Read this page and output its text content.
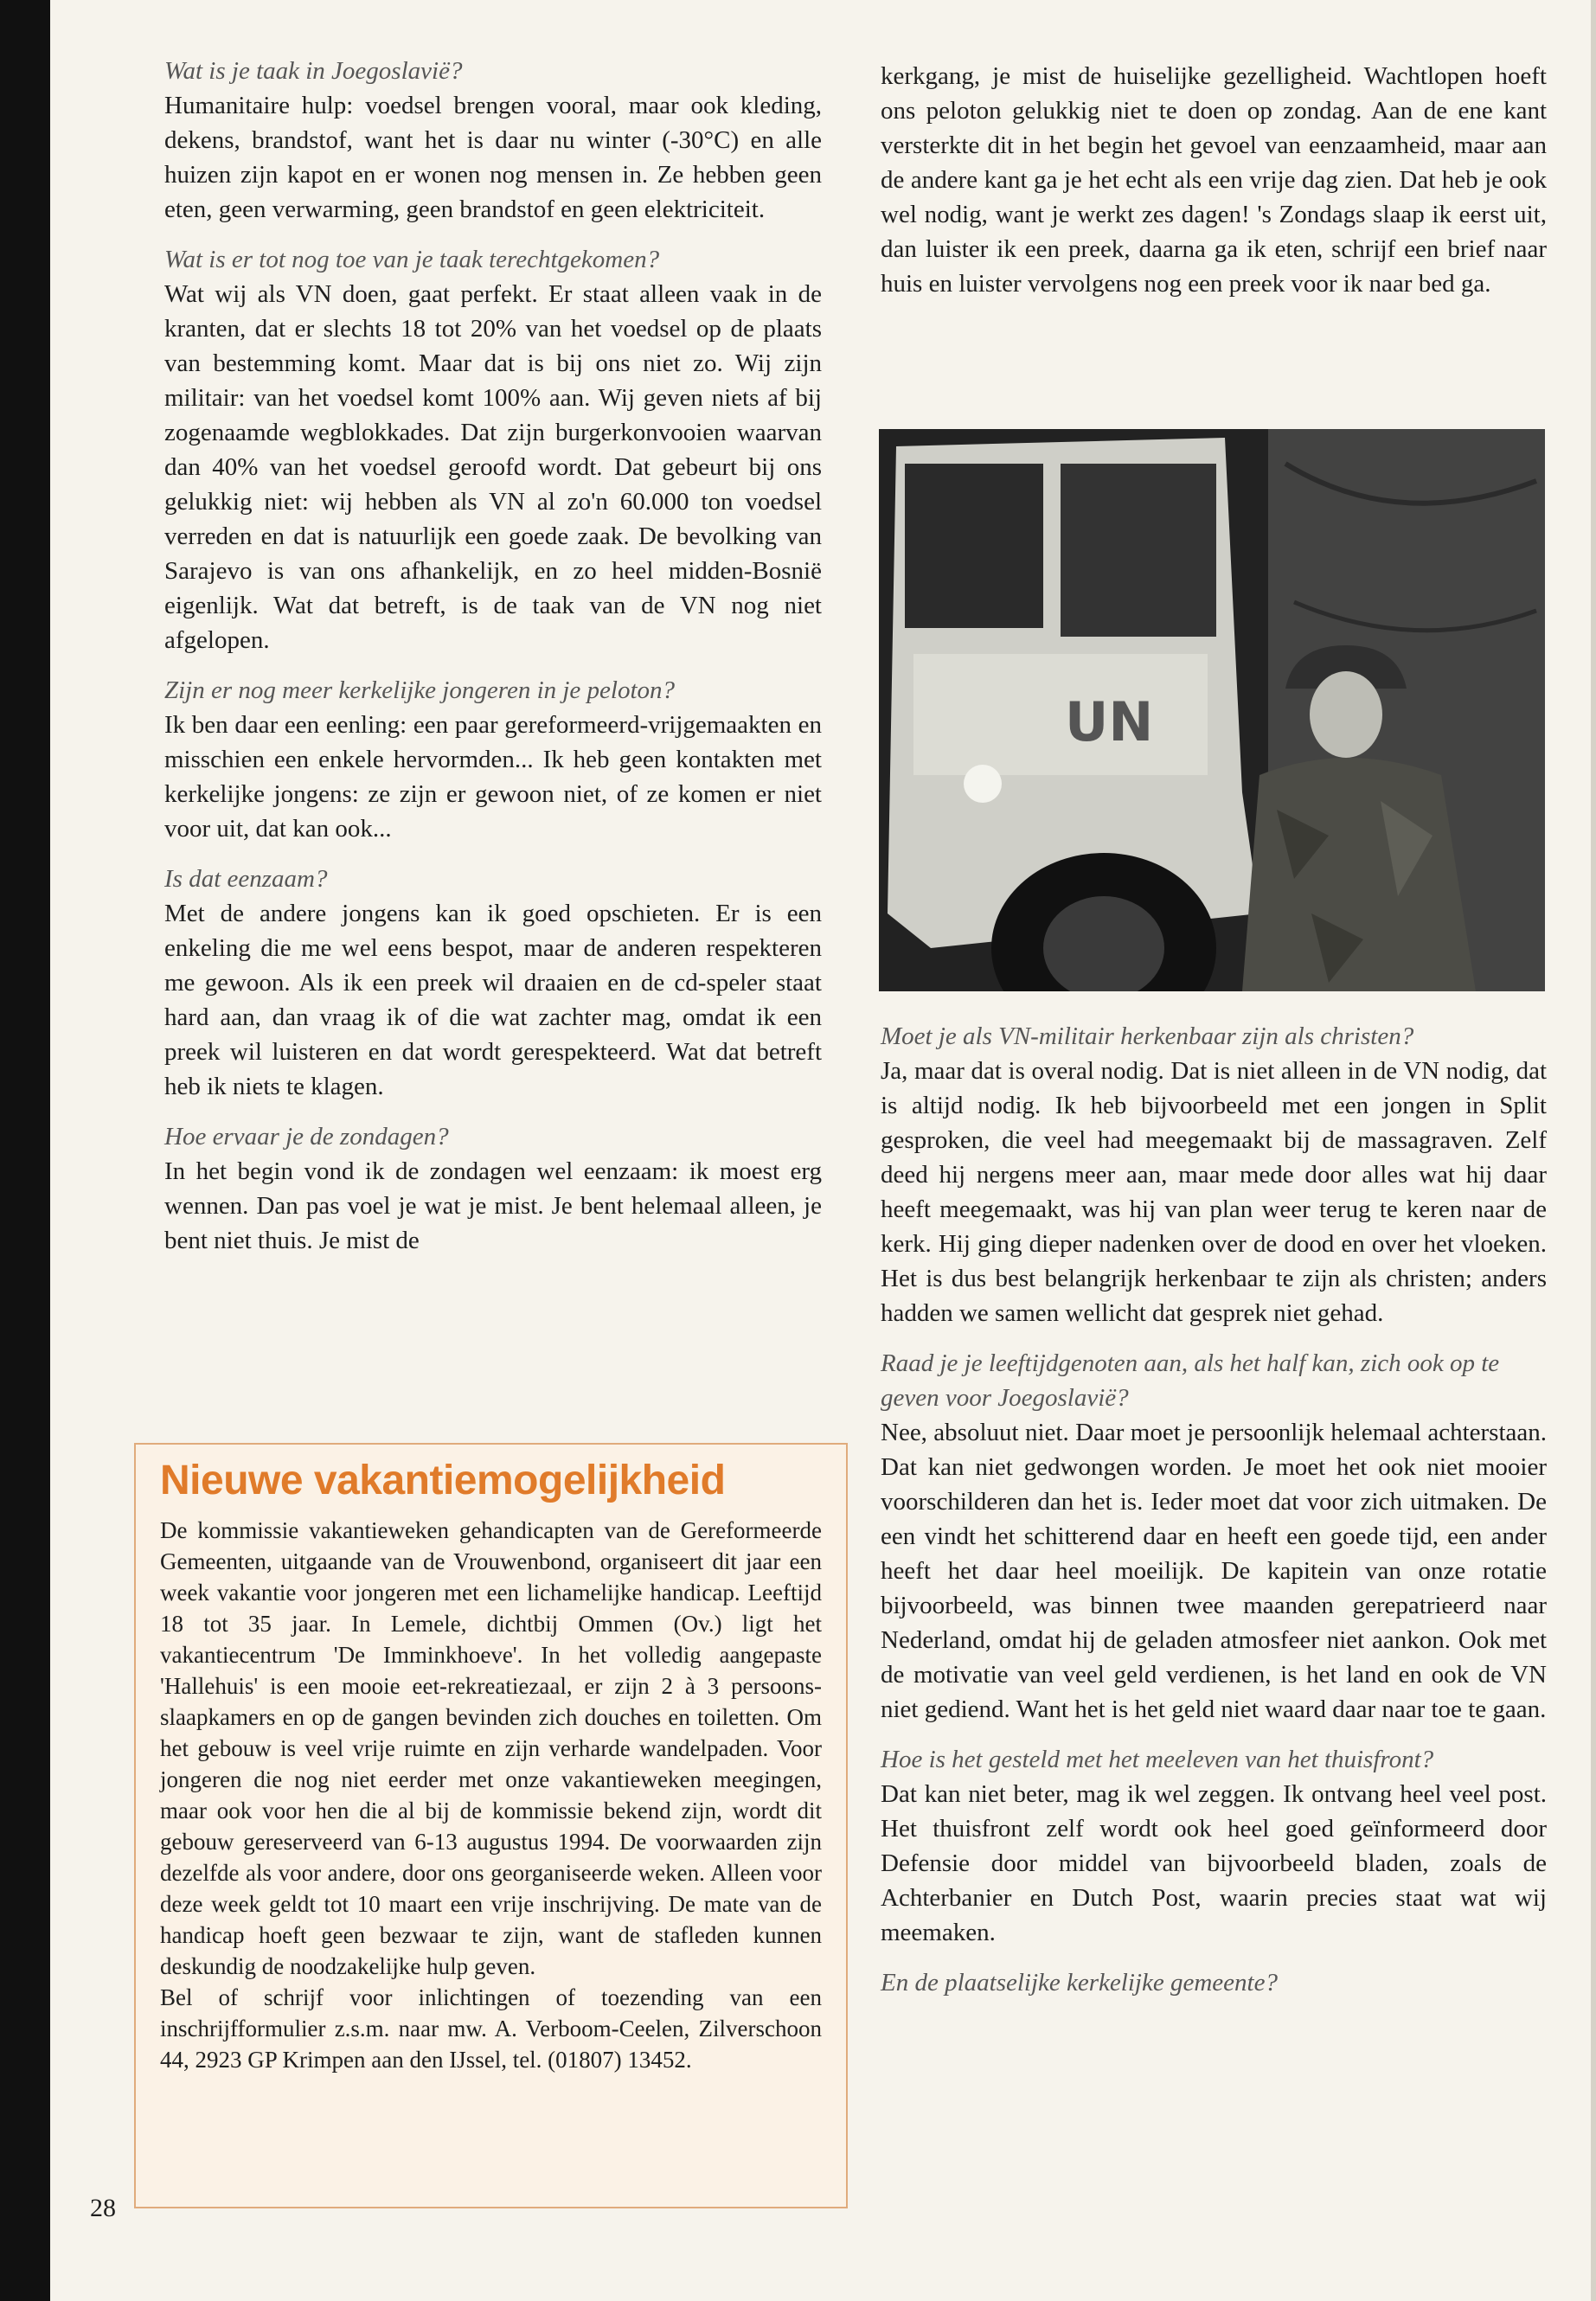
Wat is je taak in Joegoslavië?

Humanitaire hulp: voedsel brengen vooral, maar ook kleding, dekens, brandstof, want het is daar nu winter (-30°C) en alle huizen zijn kapot en er wonen nog mensen in. Ze hebben geen eten, geen verwarming, geen brandstof en geen elektriciteit.

Wat is er tot nog toe van je taak terechtgekomen?

Wat wij als VN doen, gaat perfekt. Er staat alleen vaak in de kranten, dat er slechts 18 tot 20% van het voedsel op de plaats van bestemming komt. Maar dat is bij ons niet zo. Wij zijn militair: van het voedsel komt 100% aan. Wij geven niets af bij zogenaamde wegblokkades. Dat zijn burgerkonvooien waarvan dan 40% van het voedsel geroofd wordt. Dat gebeurt bij ons gelukkig niet: wij hebben als VN al zo'n 60.000 ton voedsel verreden en dat is natuurlijk een goede zaak. De bevolking van Sarajevo is van ons afhankelijk, en zo heel midden-Bosnië eigenlijk. Wat dat betreft, is de taak van de VN nog niet afgelopen.

Zijn er nog meer kerkelijke jongeren in je peloton?

Ik ben daar een eenling: een paar gereformeerd-vrijgemaakten en misschien een enkele hervormden... Ik heb geen kontakten met kerkelijke jongens: ze zijn er gewoon niet, of ze komen er niet voor uit, dat kan ook...

Is dat eenzaam?

Met de andere jongens kan ik goed opschieten. Er is een enkeling die me wel eens bespot, maar de anderen respekteren me gewoon. Als ik een preek wil draaien en de cd-speler staat hard aan, dan vraag ik of die wat zachter mag, omdat ik een preek wil luisteren en dat wordt gerespekteerd. Wat dat betreft heb ik niets te klagen.

Hoe ervaar je de zondagen?

In het begin vond ik de zondagen wel eenzaam: ik moest erg wennen. Dan pas voel je wat je mist. Je bent helemaal alleen, je bent niet thuis. Je mist de

kerkgang, je mist de huiselijke gezelligheid. Wachtlopen hoeft ons peloton gelukkig niet te doen op zondag. Aan de ene kant versterkte dit in het begin het gevoel van eenzaamheid, maar aan de andere kant ga je het echt als een vrije dag zien. Dat heb je ook wel nodig, want je werkt zes dagen! 's Zondags slaap ik eerst uit, dan luister ik een preek, daarna ga ik eten, schrijf een brief naar huis en luister vervolgens nog een preek voor ik naar bed ga.

UN

Moet je als VN-militair herkenbaar zijn als christen?

Ja, maar dat is overal nodig. Dat is niet alleen in de VN nodig, dat is altijd nodig. Ik heb bijvoorbeeld met een jongen in Split gesproken, die veel had meegemaakt bij de massagraven. Zelf deed hij nergens meer aan, maar mede door alles wat hij daar heeft meegemaakt, was hij van plan weer terug te keren naar de kerk. Hij ging dieper nadenken over de dood en over het vloeken. Het is dus best belangrijk herkenbaar te zijn als christen; anders hadden we samen wellicht dat gesprek niet gehad.

Raad je je leeftijdgenoten aan, als het half kan, zich ook op te geven voor Joegoslavië?

Nee, absoluut niet. Daar moet je persoonlijk helemaal achterstaan. Dat kan niet gedwongen worden. Je moet het ook niet mooier voorschilderen dan het is. Ieder moet dat voor zich uitmaken. De een vindt het schitterend daar en heeft een goede tijd, een ander heeft het daar heel moeilijk. De kapitein van onze rotatie bijvoorbeeld, was binnen twee maanden gerepatrieerd naar Nederland, omdat hij de geladen atmosfeer niet aankon. Ook met de motivatie van veel geld verdienen, is het land en ook de VN niet gediend. Want het is het geld niet waard daar naar toe te gaan.

Hoe is het gesteld met het meeleven van het thuisfront?

Dat kan niet beter, mag ik wel zeggen. Ik ontvang heel veel post. Het thuisfront zelf wordt ook heel goed geïnformeerd door Defensie door middel van bijvoorbeeld bladen, zoals de Achterbanier en Dutch Post, waarin precies staat wat wij meemaken.

En de plaatselijke kerkelijke gemeente?

Nieuwe vakantiemogelijkheid

De kommissie vakantieweken gehandicapten van de Gereformeerde Gemeenten, uitgaande van de Vrouwenbond, organiseert dit jaar een week vakantie voor jongeren met een lichamelijke handicap. Leeftijd 18 tot 35 jaar. In Lemele, dichtbij Ommen (Ov.) ligt het vakantiecentrum 'De Imminkhoeve'. In het volledig aangepaste 'Hallehuis' is een mooie eet-rekreatiezaal, er zijn 2 à 3 persoons-slaapkamers en op de gangen bevinden zich douches en toiletten. Om het gebouw is veel vrije ruimte en zijn verharde wandelpaden. Voor jongeren die nog niet eerder met onze vakantieweken meegingen, maar ook voor hen die al bij de kommissie bekend zijn, wordt dit gebouw gereserveerd van 6-13 augustus 1994. De voorwaarden zijn dezelfde als voor andere, door ons georganiseerde weken. Alleen voor deze week geldt tot 10 maart een vrije inschrijving. De mate van de handicap hoeft geen bezwaar te zijn, want de stafleden kunnen deskundig de noodzakelijke hulp geven.

Bel of schrijf voor inlichtingen of toezending van een inschrijfformulier z.s.m. naar mw. A. Verboom-Ceelen, Zilverschoon 44, 2923 GP Krimpen aan den IJssel, tel. (01807) 13452.

28
